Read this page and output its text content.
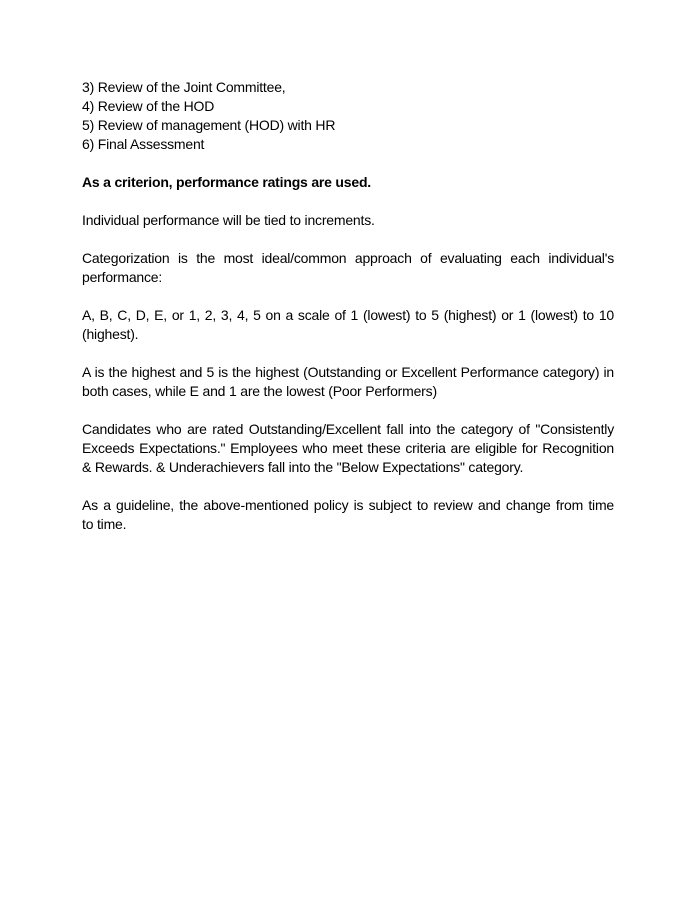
3) Review of the Joint Committee,
4) Review of the HOD
5) Review of management (HOD) with HR
6) Final Assessment
As a criterion, performance ratings are used.
Individual performance will be tied to increments.
Categorization is the most ideal/common approach of evaluating each individual's
performance:
A, B, C, D, E, or 1, 2, 3, 4, 5 on a scale of 1 (lowest) to 5 (highest) or 1 (lowest) to 10
(highest).
A is the highest and 5 is the highest (Outstanding or Excellent Performance category) in
both cases, while E and 1 are the lowest (Poor Performers)
Candidates who are rated Outstanding/Excellent fall into the category of "Consistently
Exceeds Expectations." Employees who meet these criteria are eligible for Recognition
& Rewards. & Underachievers fall into the "Below Expectations" category.
As a guideline, the above-mentioned policy is subject to review and change from time
to time.
